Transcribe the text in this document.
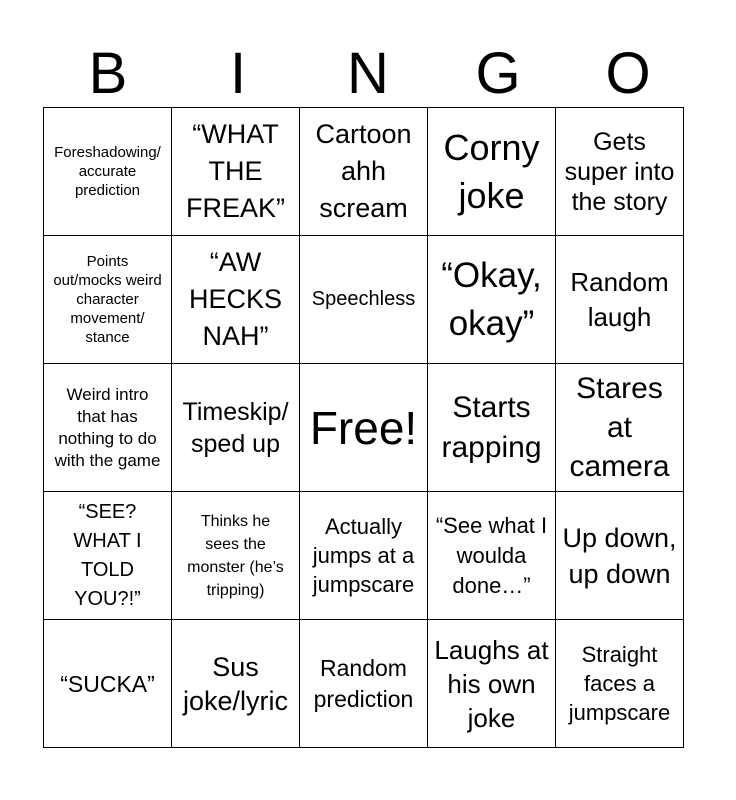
B	I	N	G	O
Foreshadowing/ accurate prediction	“WHAT THE FREAK”	Cartoon ahh scream	Corny joke	Gets super into the story
Points out/mocks weird character movement/ stance	“AW HECKS NAH”	Speechless	“Okay, okay”	Random laugh
Weird intro that has nothing to do with the game	Timeskip/ sped up	Free!	Starts rapping	Stares at camera
“SEE? WHAT I TOLD YOU?!”	Thinks he sees the monster (he’s tripping)	Actually jumps at a jumpscare	“See what I woulda done…”	Up down, up down
“SUCKA”	Sus joke/lyric	Random prediction	Laughs at his own joke	Straight faces a jumpscare
